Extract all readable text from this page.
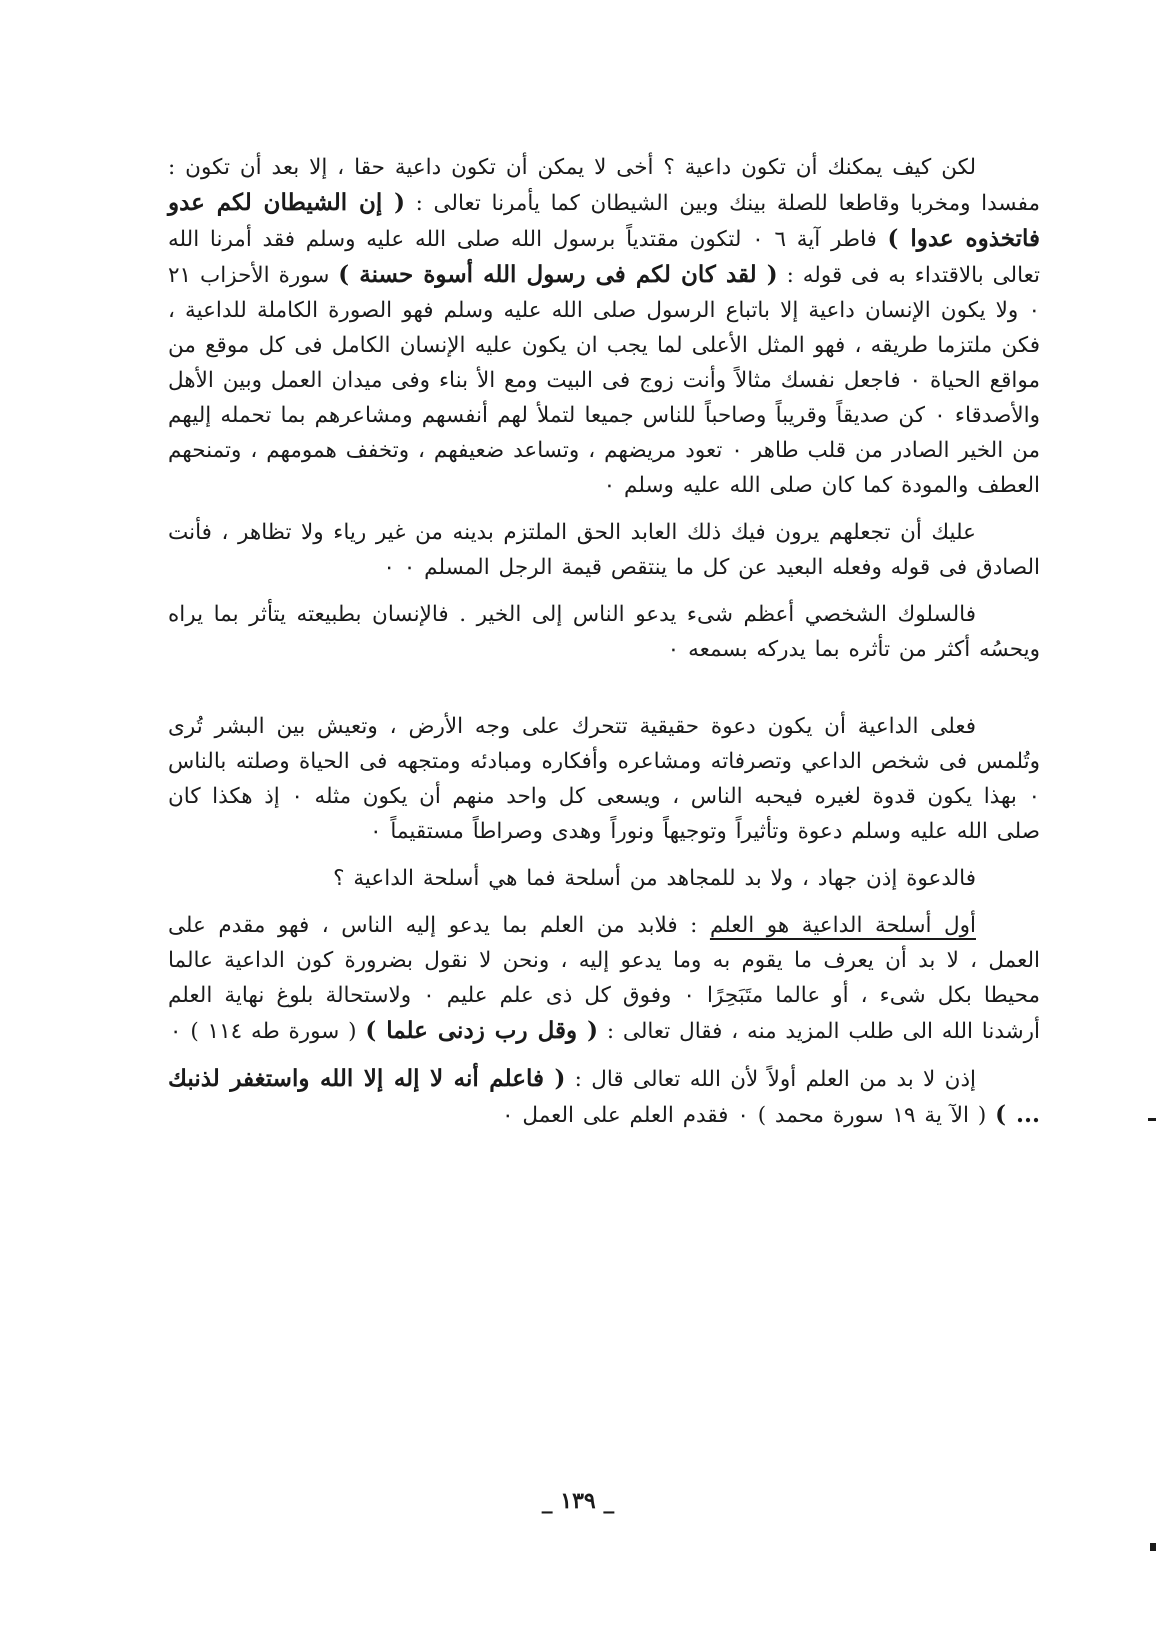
لكن كيف يمكنك أن تكون داعية ؟ أخى لا يمكن أن تكون داعية حقا ، إلا بعد أن تكون : مفسدا ومخربا وقاطعا للصلة بينك وبين الشيطان كما يأمرنا تعالى : ( إن الشيطان لكم عدو فاتخذوه عدوا ) فاطر آية ٦ ٠ لتكون مقتدياً برسول الله صلى الله عليه وسلم فقد أمرنا الله تعالى بالاقتداء به فى قوله : ( لقد كان لكم فى رسول الله أسوة حسنة ) سورة الأحزاب ٢١ ٠ ولا يكون الإنسان داعية إلا باتباع الرسول صلى الله عليه وسلم فهو الصورة الكاملة للداعية ، فكن ملتزما طريقه ، فهو المثل الأعلى لما يجب ان يكون عليه الإنسان الكامل فى كل موقع من مواقع الحياة ٠ فاجعل نفسك مثالاً وأنت زوج فى البيت ومع الأ بناء وفى ميدان العمل وبين الأهل والأصدقاء ٠ كن صديقاً وقريباً وصاحباً للناس جميعا لتملأ لهم أنفسهم ومشاعرهم بما تحمله إليهم من الخير الصادر من قلب طاهر ٠ تعود مريضهم ، وتساعد ضعيفهم ، وتخفف همومهم ، وتمنحهم العطف والمودة كما كان صلى الله عليه وسلم ٠

عليك أن تجعلهم يرون فيك ذلك العابد الحق الملتزم بدينه من غير رياء ولا تظاهر ، فأنت الصادق فى قوله وفعله البعيد عن كل ما ينتقص قيمة الرجل المسلم ٠ ٠

فالسلوك الشخصي أعظم شىء يدعو الناس إلى الخير . فالإنسان بطبيعته يتأثر بما يراه ويحسُه أكثر من تأثره بما يدركه بسمعه ٠

فعلى الداعية أن يكون دعوة حقيقية تتحرك على وجه الأرض ، وتعيش بين البشر تُرى وتُلمس فى شخص الداعي وتصرفاته ومشاعره وأفكاره ومبادئه ومتجهه فى الحياة وصلته بالناس ٠ بهذا يكون قدوة لغيره فيحبه الناس ، ويسعى كل واحد منهم أن يكون مثله ٠ إذ هكذا كان صلى الله عليه وسلم دعوة وتأثيراً وتوجيهاً ونوراً وهدى وصراطاً مستقيماً ٠

فالدعوة إذن جهاد ، ولا بد للمجاهد من أسلحة فما هي أسلحة الداعية ؟

أول أسلحة الداعية هو العلم : فلابد من العلم بما يدعو إليه الناس ، فهو مقدم على العمل ، لا بد أن يعرف ما يقوم به وما يدعو إليه ، ونحن لا نقول بضرورة كون الداعية عالما محيطا بكل شىء ، أو عالما متَبَحِرًا ٠ وفوق كل ذى علم عليم ٠ ولاستحالة بلوغ نهاية العلم أرشدنا الله الى طلب المزيد منه ، فقال تعالى : ( وقل رب زدنى علما ) ( سورة طه ١١٤ ) ٠

إذن لا بد من العلم أولاً لأن الله تعالى قال : ( فاعلم أنه لا إله إلا الله واستغفر لذنبك ... ) ( الآ ية ١٩ سورة محمد ) ٠ فقدم العلم على العمل ٠

_ ١٣٩ _
